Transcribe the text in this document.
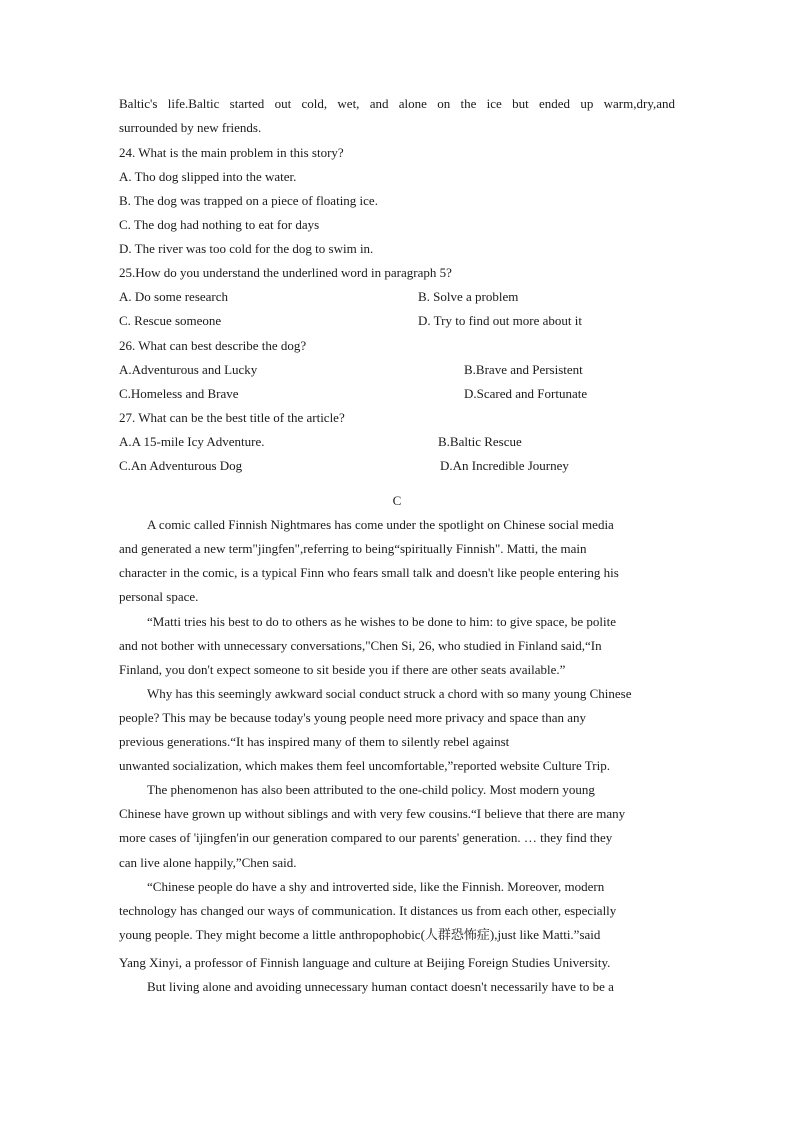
Baltic's life.Baltic started out cold, wet, and alone on the ice but ended up warm,dry,and
surrounded by new friends.
24. What is the main problem in this story?
A. Tho dog slipped into the water.
B. The dog was trapped on a piece of floating ice.
C. The dog had nothing to eat for days
D. The river was too cold for the dog to swim in.
25.How do you understand the underlined word in paragraph 5?
A. Do some research	B. Solve a problem
C. Rescue someone	D. Try to find out more about it
26. What can best describe the dog?
A.Adventurous and Lucky	B.Brave and Persistent
C.Homeless and Brave	D.Scared and Fortunate
27. What can be the best title of the article?
A.A 15-mile Icy Adventure.	B.Baltic Rescue
C.An Adventurous Dog	D.An Incredible Journey
C
A comic called Finnish Nightmares has come under the spotlight on Chinese social media
and generated a new term"jingfen",referring to being“spiritually Finnish". Matti, the main
character in the comic, is a typical Finn who fears small talk and doesn't like people entering his
personal space.
“Matti tries his best to do to others as he wishes to be done to him: to give space, be polite
and not bother with unnecessary conversations,"Chen Si, 26, who studied in Finland said,“In
Finland, you don't expect someone to sit beside you if there are other seats available.”
Why has this seemingly awkward social conduct struck a chord with so many young Chinese
people? This may be because today's young people need more privacy and space than any
previous generations.“It has inspired many of them to silently rebel against
unwanted socialization, which makes them feel uncomfortable,”reported website Culture Trip.
The phenomenon has also been attributed to the one-child policy. Most modern young
Chinese have grown up without siblings and with very few cousins.“I believe that there are many
more cases of 'ijingfen'in our generation compared to our parents' generation. … they find they
can live alone happily,”Chen said.
“Chinese people do have a shy and introverted side, like the Finnish. Moreover, modern
technology has changed our ways of communication. It distances us from each other, especially
young people. They might become a little anthropophobic(人群恐怖症),just like Matti.”said
Yang Xinyi, a professor of Finnish language and culture at Beijing Foreign Studies University.
But living alone and avoiding unnecessary human contact doesn't necessarily have to be a
